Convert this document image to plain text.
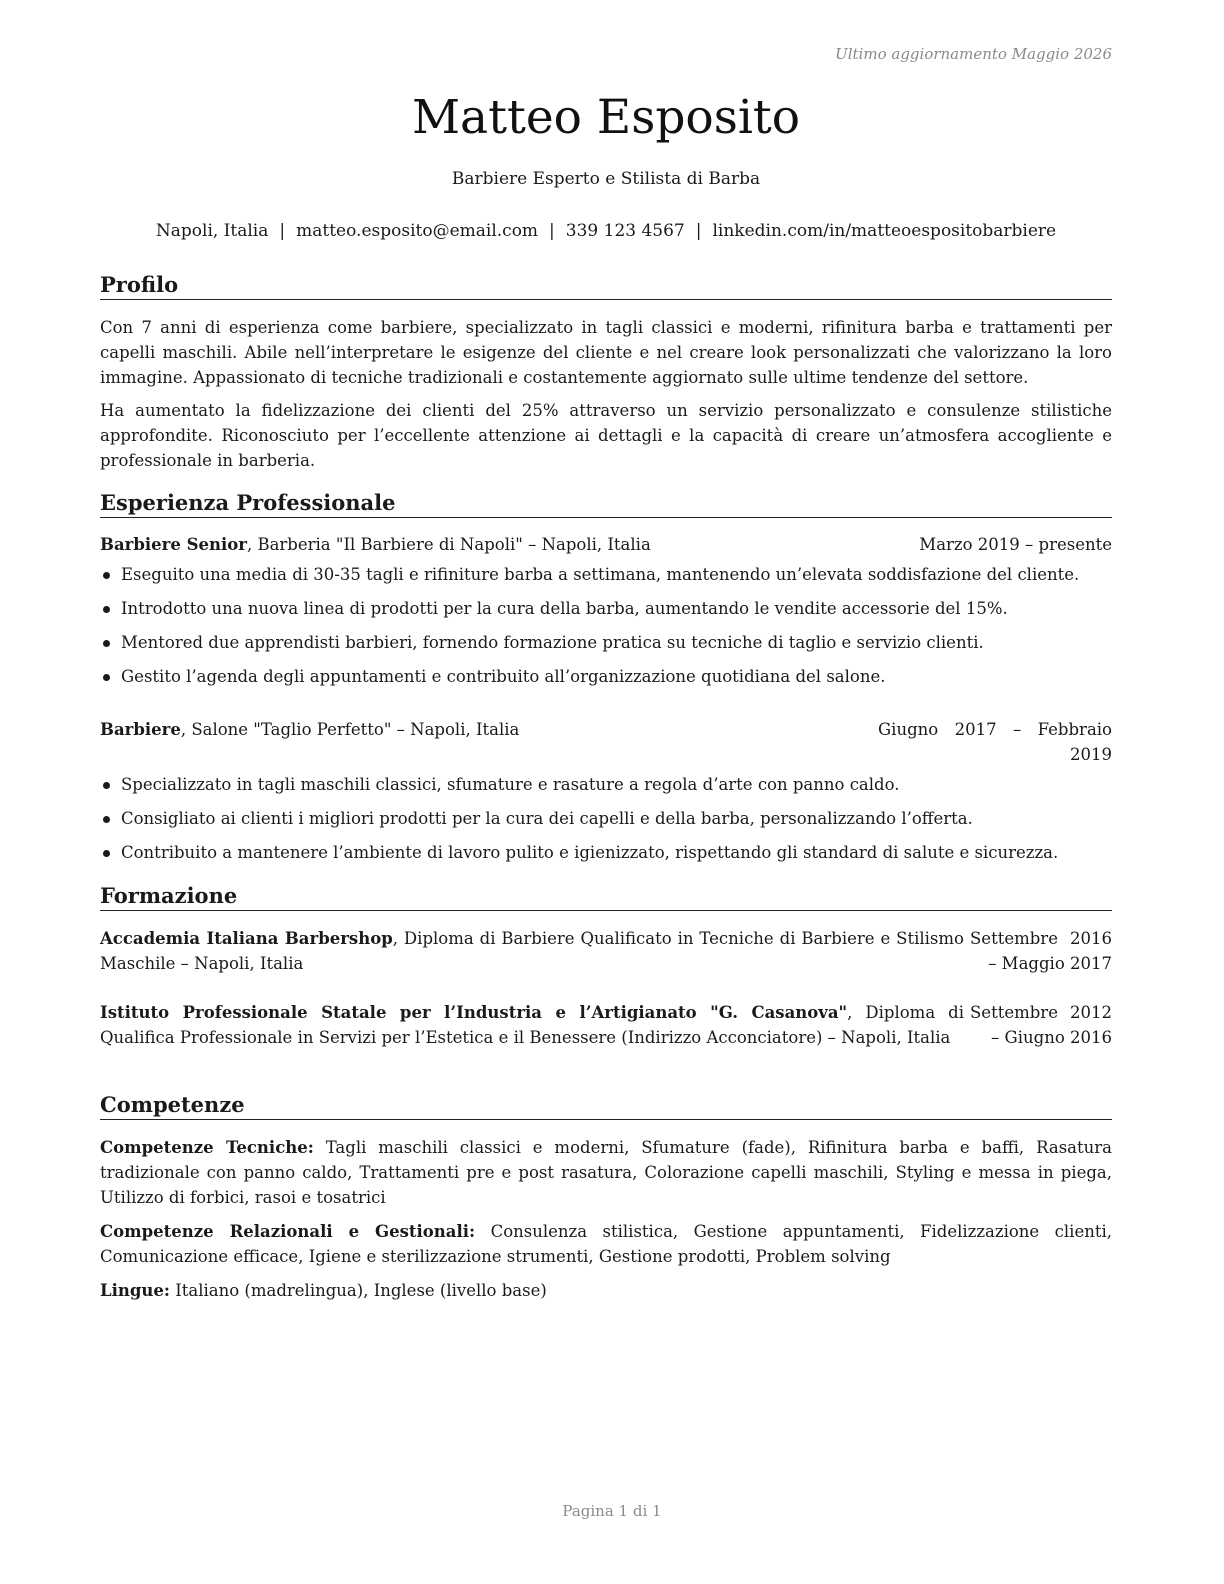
Ultimo aggiornamento Maggio 2026
Matteo Esposito
Barbiere Esperto e Stilista di Barba
Napoli, Italia | matteo.esposito@email.com | 339 123 4567 | linkedin.com/in/matteoespositobarbiere
Profilo

Con 7 anni di esperienza come barbiere, specializzato in tagli classici e moderni, rifinitura barba e trattamenti per capelli maschili. Abile nell’interpretare le esigenze del cliente e nel creare look personalizzati che valorizzano la loro immagine. Appassionato di tecniche tradizionali e costantemente aggiornato sulle ultime tendenze del settore.

Ha aumentato la fidelizzazione dei clienti del 25% attraverso un servizio personalizzato e consulenze stilistiche approfondite. Riconosciuto per l’eccellente attenzione ai dettagli e la capacità di creare un’atmosfera accogliente e professionale in barberia.

Esperienza Professionale
Barbiere Senior, Barberia "Il Barbiere di Napoli" – Napoli, Italia	Marzo 2019 – presente
Eseguito una media di 30-35 tagli e rifiniture barba a settimana, mantenendo un’elevata soddisfazione del cliente.
Introdotto una nuova linea di prodotti per la cura della barba, aumentando le vendite accessorie del 15%.
Mentored due apprendisti barbieri, fornendo formazione pratica su tecniche di taglio e servizio clienti.
Gestito l’agenda degli appuntamenti e contribuito all’organizzazione quotidiana del salone.
Barbiere, Salone "Taglio Perfetto" – Napoli, Italia	Giugno 2017 – Febbraio 2019
Specializzato in tagli maschili classici, sfumature e rasature a regola d’arte con panno caldo.
Consigliato ai clienti i migliori prodotti per la cura dei capelli e della barba, personalizzando l’offerta.
Contribuito a mantenere l’ambiente di lavoro pulito e igienizzato, rispettando gli standard di salute e sicurezza.
Formazione
Accademia Italiana Barbershop, Diploma di Barbiere Qualificato in Tecniche di Barbiere e Stilismo Maschile – Napoli, Italia
Settembre 2016 – Maggio 2017
Istituto Professionale Statale per l’Industria e l’Artigianato "G. Casanova", Diploma di Qualifica Professionale in Servizi per l’Estetica e il Benessere (Indirizzo Acconciatore) – Napoli, Italia
Settembre 2012 – Giugno 2016
Competenze

Competenze Tecniche: Tagli maschili classici e moderni, Sfumature (fade), Rifinitura barba e baffi, Rasatura tradizionale con panno caldo, Trattamenti pre e post rasatura, Colorazione capelli maschili, Styling e messa in piega, Utilizzo di forbici, rasoi e tosatrici

Competenze Relazionali e Gestionali: Consulenza stilistica, Gestione appuntamenti, Fidelizzazione clienti, Comunicazione efficace, Igiene e sterilizzazione strumenti, Gestione prodotti, Problem solving

Lingue: Italiano (madrelingua), Inglese (livello base)

Pagina 1 di 1
